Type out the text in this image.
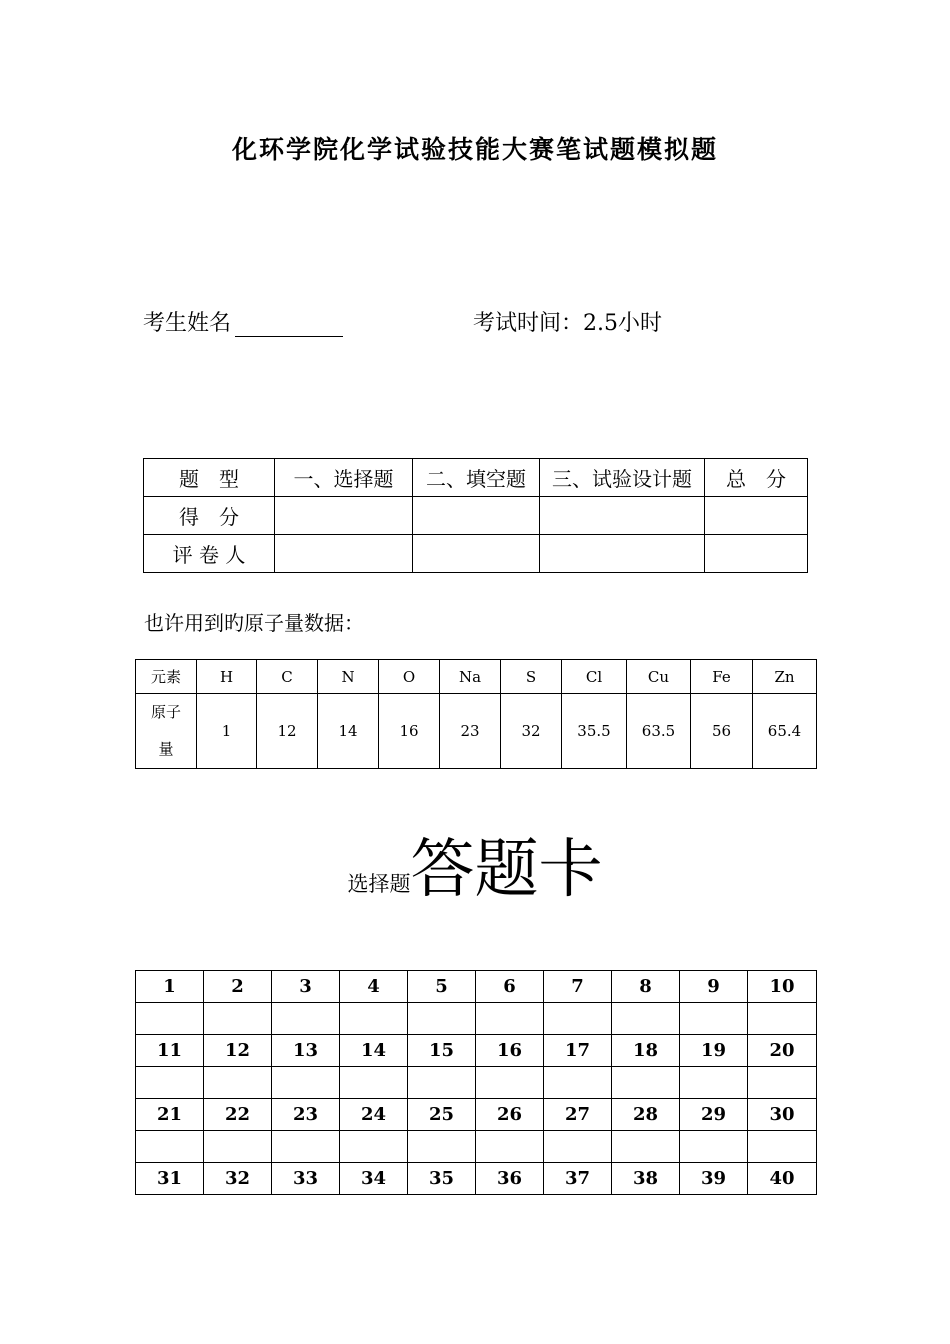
化环学院化学试验技能大赛笔试题模拟题
考生姓名	考试时间：2.5小时
题　型	一、选择题	二、填空题	三、试验设计题	总　分
得　分				
评 卷 人				
也许用到旳原子量数据：
元素	H	C	N	O	Na	S	Cl	Cu	Fe	Zn

原子
量	1	12	14	16	23	32	35.5	63.5	56	65.4
选择题答题卡
1	2	3	4	5	6	7	8	9	10

11	12	13	14	15	16	17	18	19	20

21	22	23	24	25	26	27	28	29	30

31	32	33	34	35	36	37	38	39	40
